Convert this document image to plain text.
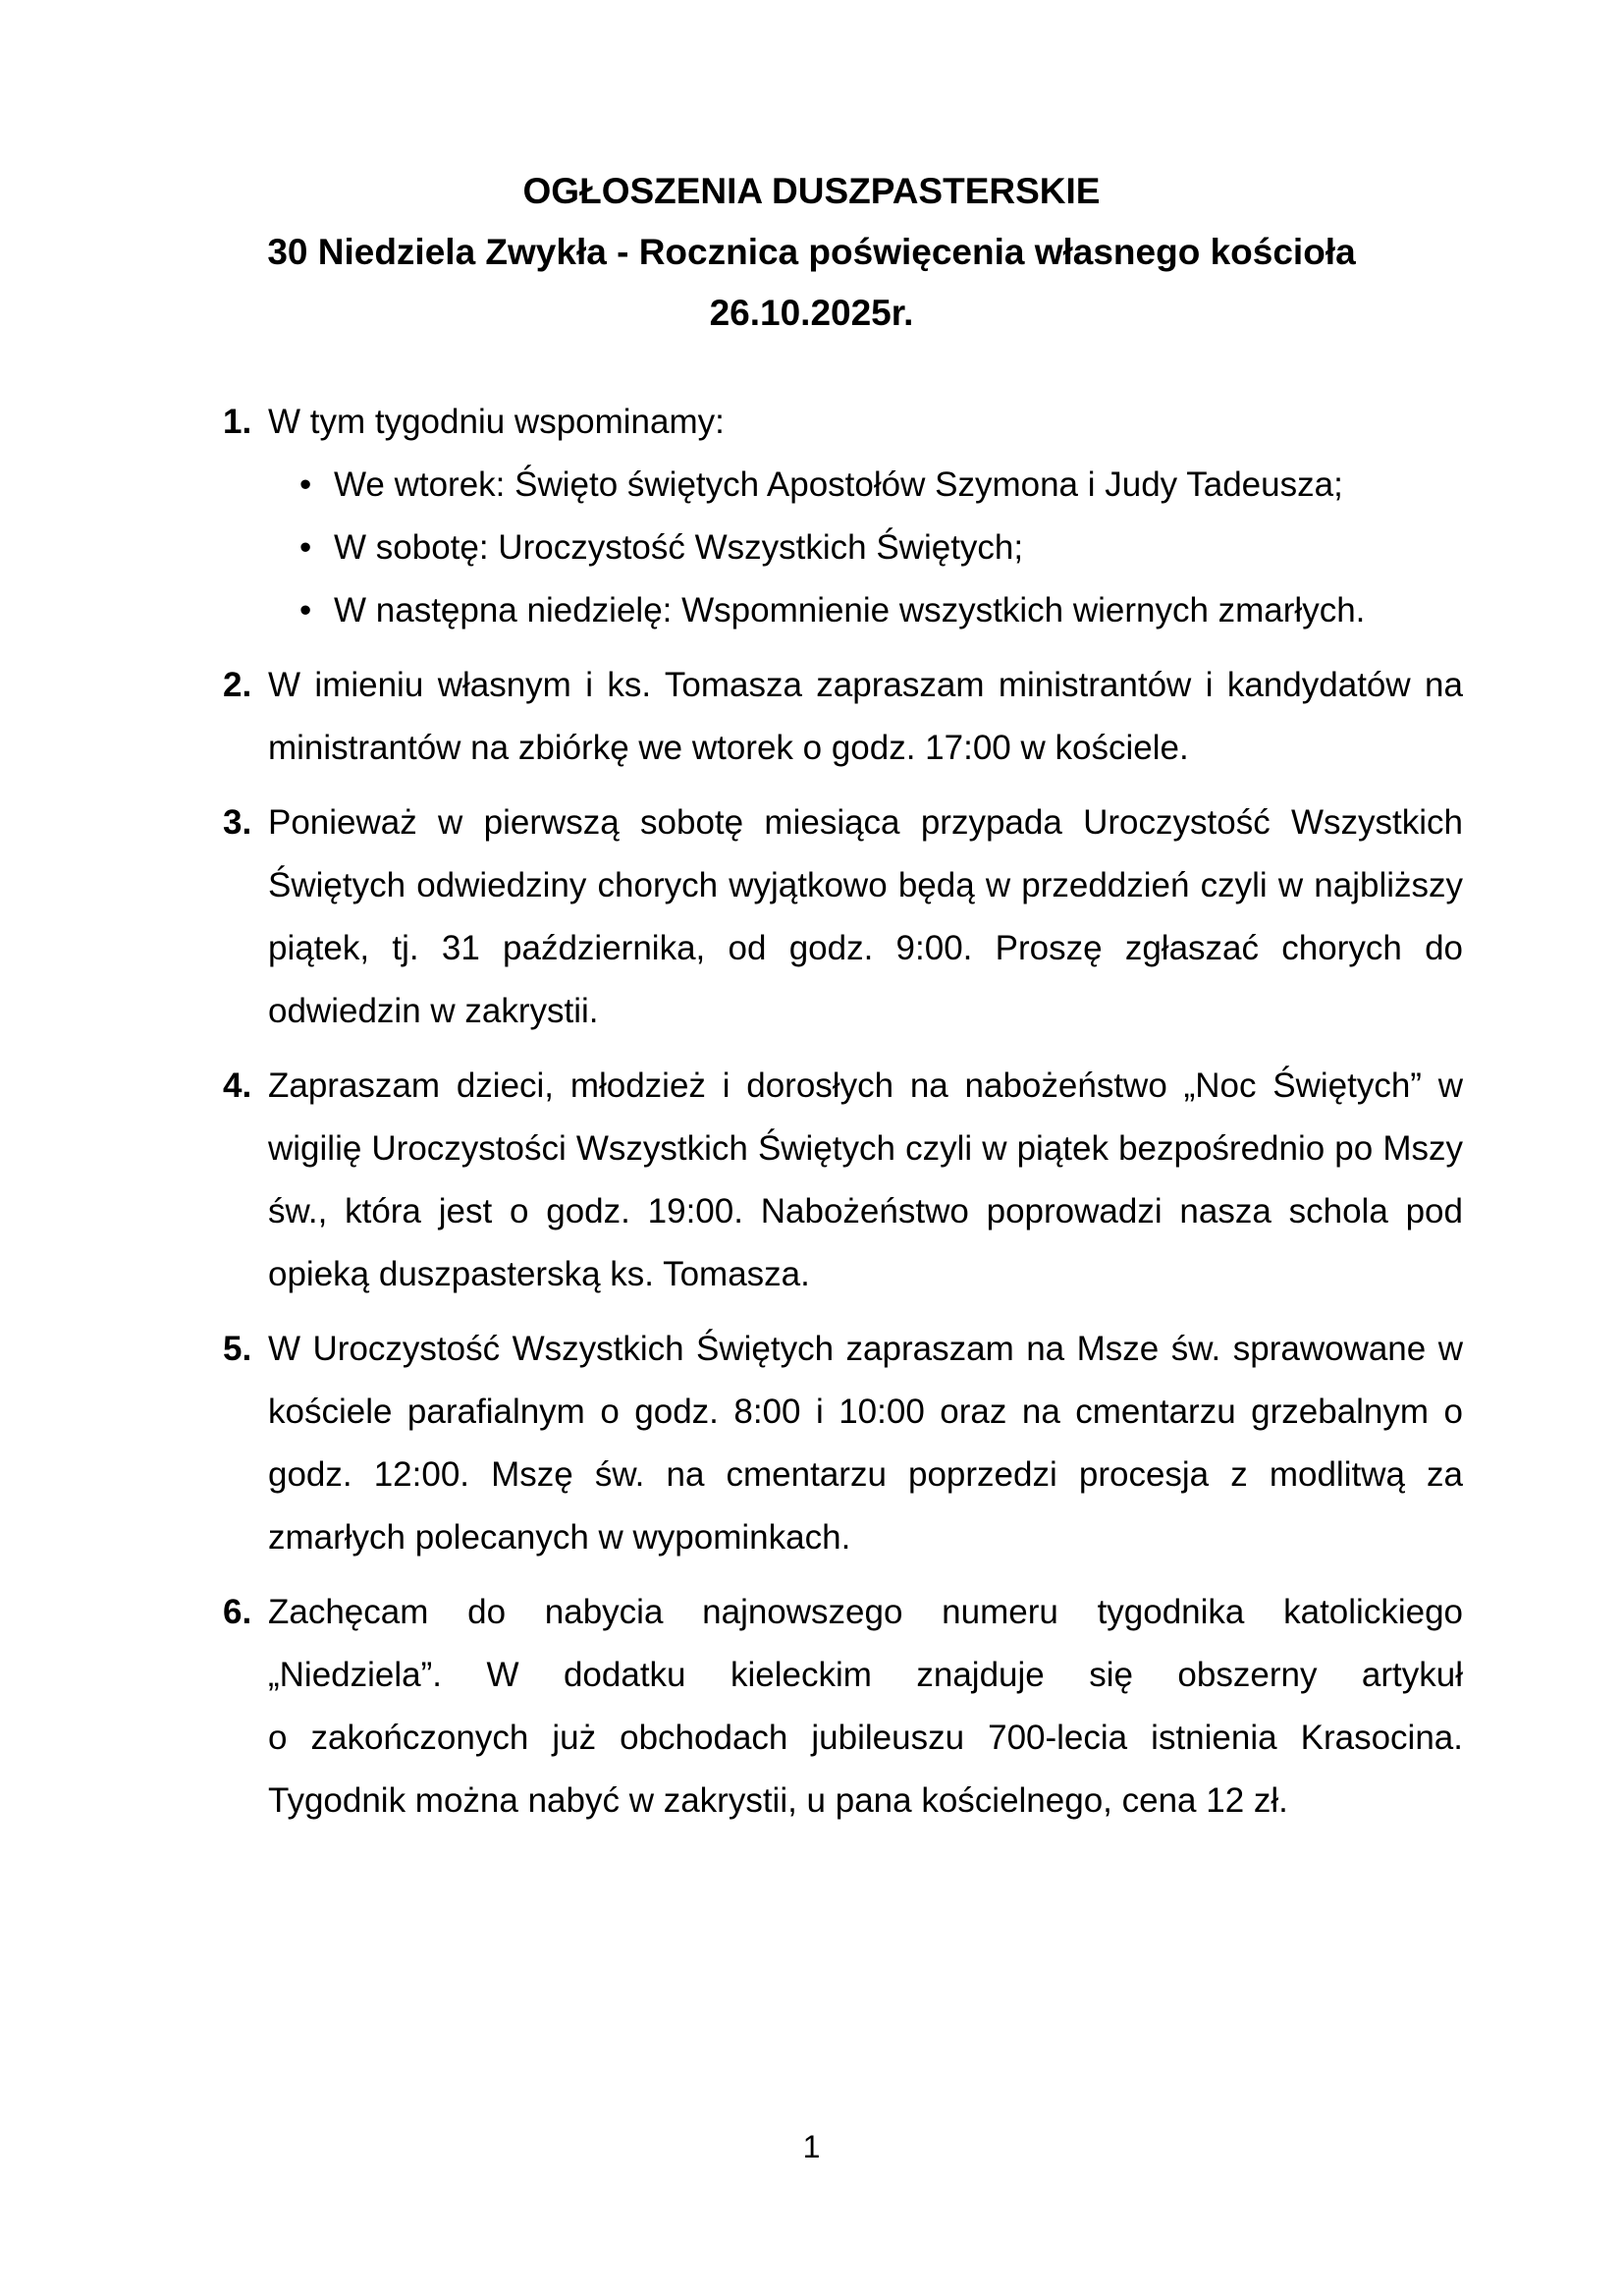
OGŁOSZENIA DUSZPASTERSKIE
30 Niedziela Zwykła - Rocznica poświęcenia własnego kościoła
26.10.2025r.
1. W tym tygodniu wspominamy:

• We wtorek: Święto świętych Apostołów Szymona i Judy Tadeusza;

• W sobotę: Uroczystość Wszystkich Świętych;

• W następna niedzielę: Wspomnienie wszystkich wiernych zmarłych.

2. W imieniu własnym i ks. Tomasza zapraszam ministrantów i kandydatów na ministrantów na zbiórkę we wtorek o godz. 17:00 w kościele.

3. Ponieważ w pierwszą sobotę miesiąca przypada Uroczystość Wszystkich Świętych odwiedziny chorych wyjątkowo będą w przeddzień czyli w najbliższy piątek, tj. 31 października, od godz. 9:00. Proszę zgłaszać chorych do odwiedzin w zakrystii.

4. Zapraszam dzieci, młodzież i dorosłych na nabożeństwo „Noc Świętych” w wigilię Uroczystości Wszystkich Świętych czyli w piątek bezpośrednio po Mszy św., która jest o godz. 19:00. Nabożeństwo poprowadzi nasza schola pod opieką duszpasterską ks. Tomasza.

5. W Uroczystość Wszystkich Świętych zapraszam na Msze św. sprawowane w kościele parafialnym o godz. 8:00 i 10:00 oraz na cmentarzu grzebalnym o godz. 12:00. Mszę św. na cmentarzu poprzedzi procesja z modlitwą za zmarłych polecanych w wypominkach.

6. Zachęcam do nabycia najnowszego numeru tygodnika katolickiego „Niedziela”. W dodatku kieleckim znajduje się obszerny artykuł o zakończonych już obchodach jubileuszu 700-lecia istnienia Krasocina. Tygodnik można nabyć w zakrystii, u pana kościelnego, cena 12 zł.

1
